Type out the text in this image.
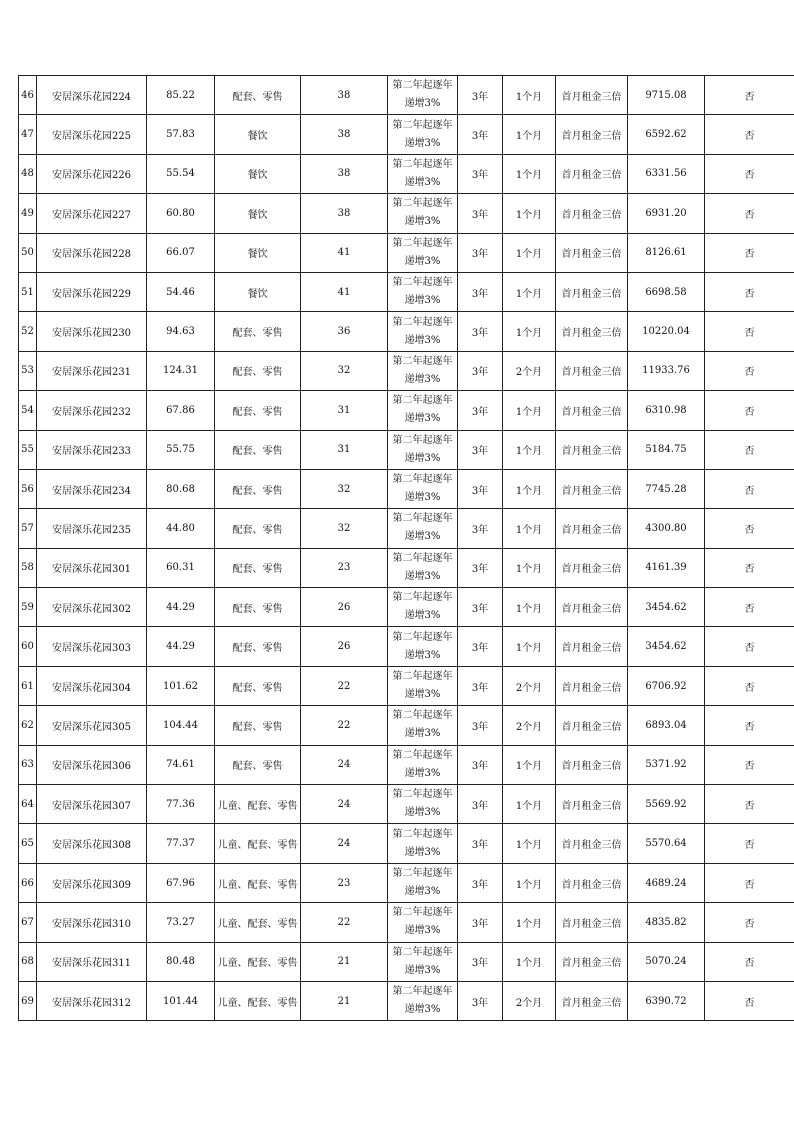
46	安居深乐花园224	85.22	配套、零售	38	第二年起逐年
递增3%	3年	1个月	首月租金三倍	9715.08	否
47	安居深乐花园225	57.83	餐饮	38	第二年起逐年
递增3%	3年	1个月	首月租金三倍	6592.62	否
48	安居深乐花园226	55.54	餐饮	38	第二年起逐年
递增3%	3年	1个月	首月租金三倍	6331.56	否
49	安居深乐花园227	60.80	餐饮	38	第二年起逐年
递增3%	3年	1个月	首月租金三倍	6931.20	否
50	安居深乐花园228	66.07	餐饮	41	第二年起逐年
递增3%	3年	1个月	首月租金三倍	8126.61	否
51	安居深乐花园229	54.46	餐饮	41	第二年起逐年
递增3%	3年	1个月	首月租金三倍	6698.58	否
52	安居深乐花园230	94.63	配套、零售	36	第二年起逐年
递增3%	3年	1个月	首月租金三倍	10220.04	否
53	安居深乐花园231	124.31	配套、零售	32	第二年起逐年
递增3%	3年	2个月	首月租金三倍	11933.76	否
54	安居深乐花园232	67.86	配套、零售	31	第二年起逐年
递增3%	3年	1个月	首月租金三倍	6310.98	否
55	安居深乐花园233	55.75	配套、零售	31	第二年起逐年
递增3%	3年	1个月	首月租金三倍	5184.75	否
56	安居深乐花园234	80.68	配套、零售	32	第二年起逐年
递增3%	3年	1个月	首月租金三倍	7745.28	否
57	安居深乐花园235	44.80	配套、零售	32	第二年起逐年
递增3%	3年	1个月	首月租金三倍	4300.80	否
58	安居深乐花园301	60.31	配套、零售	23	第二年起逐年
递增3%	3年	1个月	首月租金三倍	4161.39	否
59	安居深乐花园302	44.29	配套、零售	26	第二年起逐年
递增3%	3年	1个月	首月租金三倍	3454.62	否
60	安居深乐花园303	44.29	配套、零售	26	第二年起逐年
递增3%	3年	1个月	首月租金三倍	3454.62	否
61	安居深乐花园304	101.62	配套、零售	22	第二年起逐年
递增3%	3年	2个月	首月租金三倍	6706.92	否
62	安居深乐花园305	104.44	配套、零售	22	第二年起逐年
递增3%	3年	2个月	首月租金三倍	6893.04	否
63	安居深乐花园306	74.61	配套、零售	24	第二年起逐年
递增3%	3年	1个月	首月租金三倍	5371.92	否
64	安居深乐花园307	77.36	儿童、配套、零售	24	第二年起逐年
递增3%	3年	1个月	首月租金三倍	5569.92	否
65	安居深乐花园308	77.37	儿童、配套、零售	24	第二年起逐年
递增3%	3年	1个月	首月租金三倍	5570.64	否
66	安居深乐花园309	67.96	儿童、配套、零售	23	第二年起逐年
递增3%	3年	1个月	首月租金三倍	4689.24	否
67	安居深乐花园310	73.27	儿童、配套、零售	22	第二年起逐年
递增3%	3年	1个月	首月租金三倍	4835.82	否
68	安居深乐花园311	80.48	儿童、配套、零售	21	第二年起逐年
递增3%	3年	1个月	首月租金三倍	5070.24	否
69	安居深乐花园312	101.44	儿童、配套、零售	21	第二年起逐年
递增3%	3年	2个月	首月租金三倍	6390.72	否
